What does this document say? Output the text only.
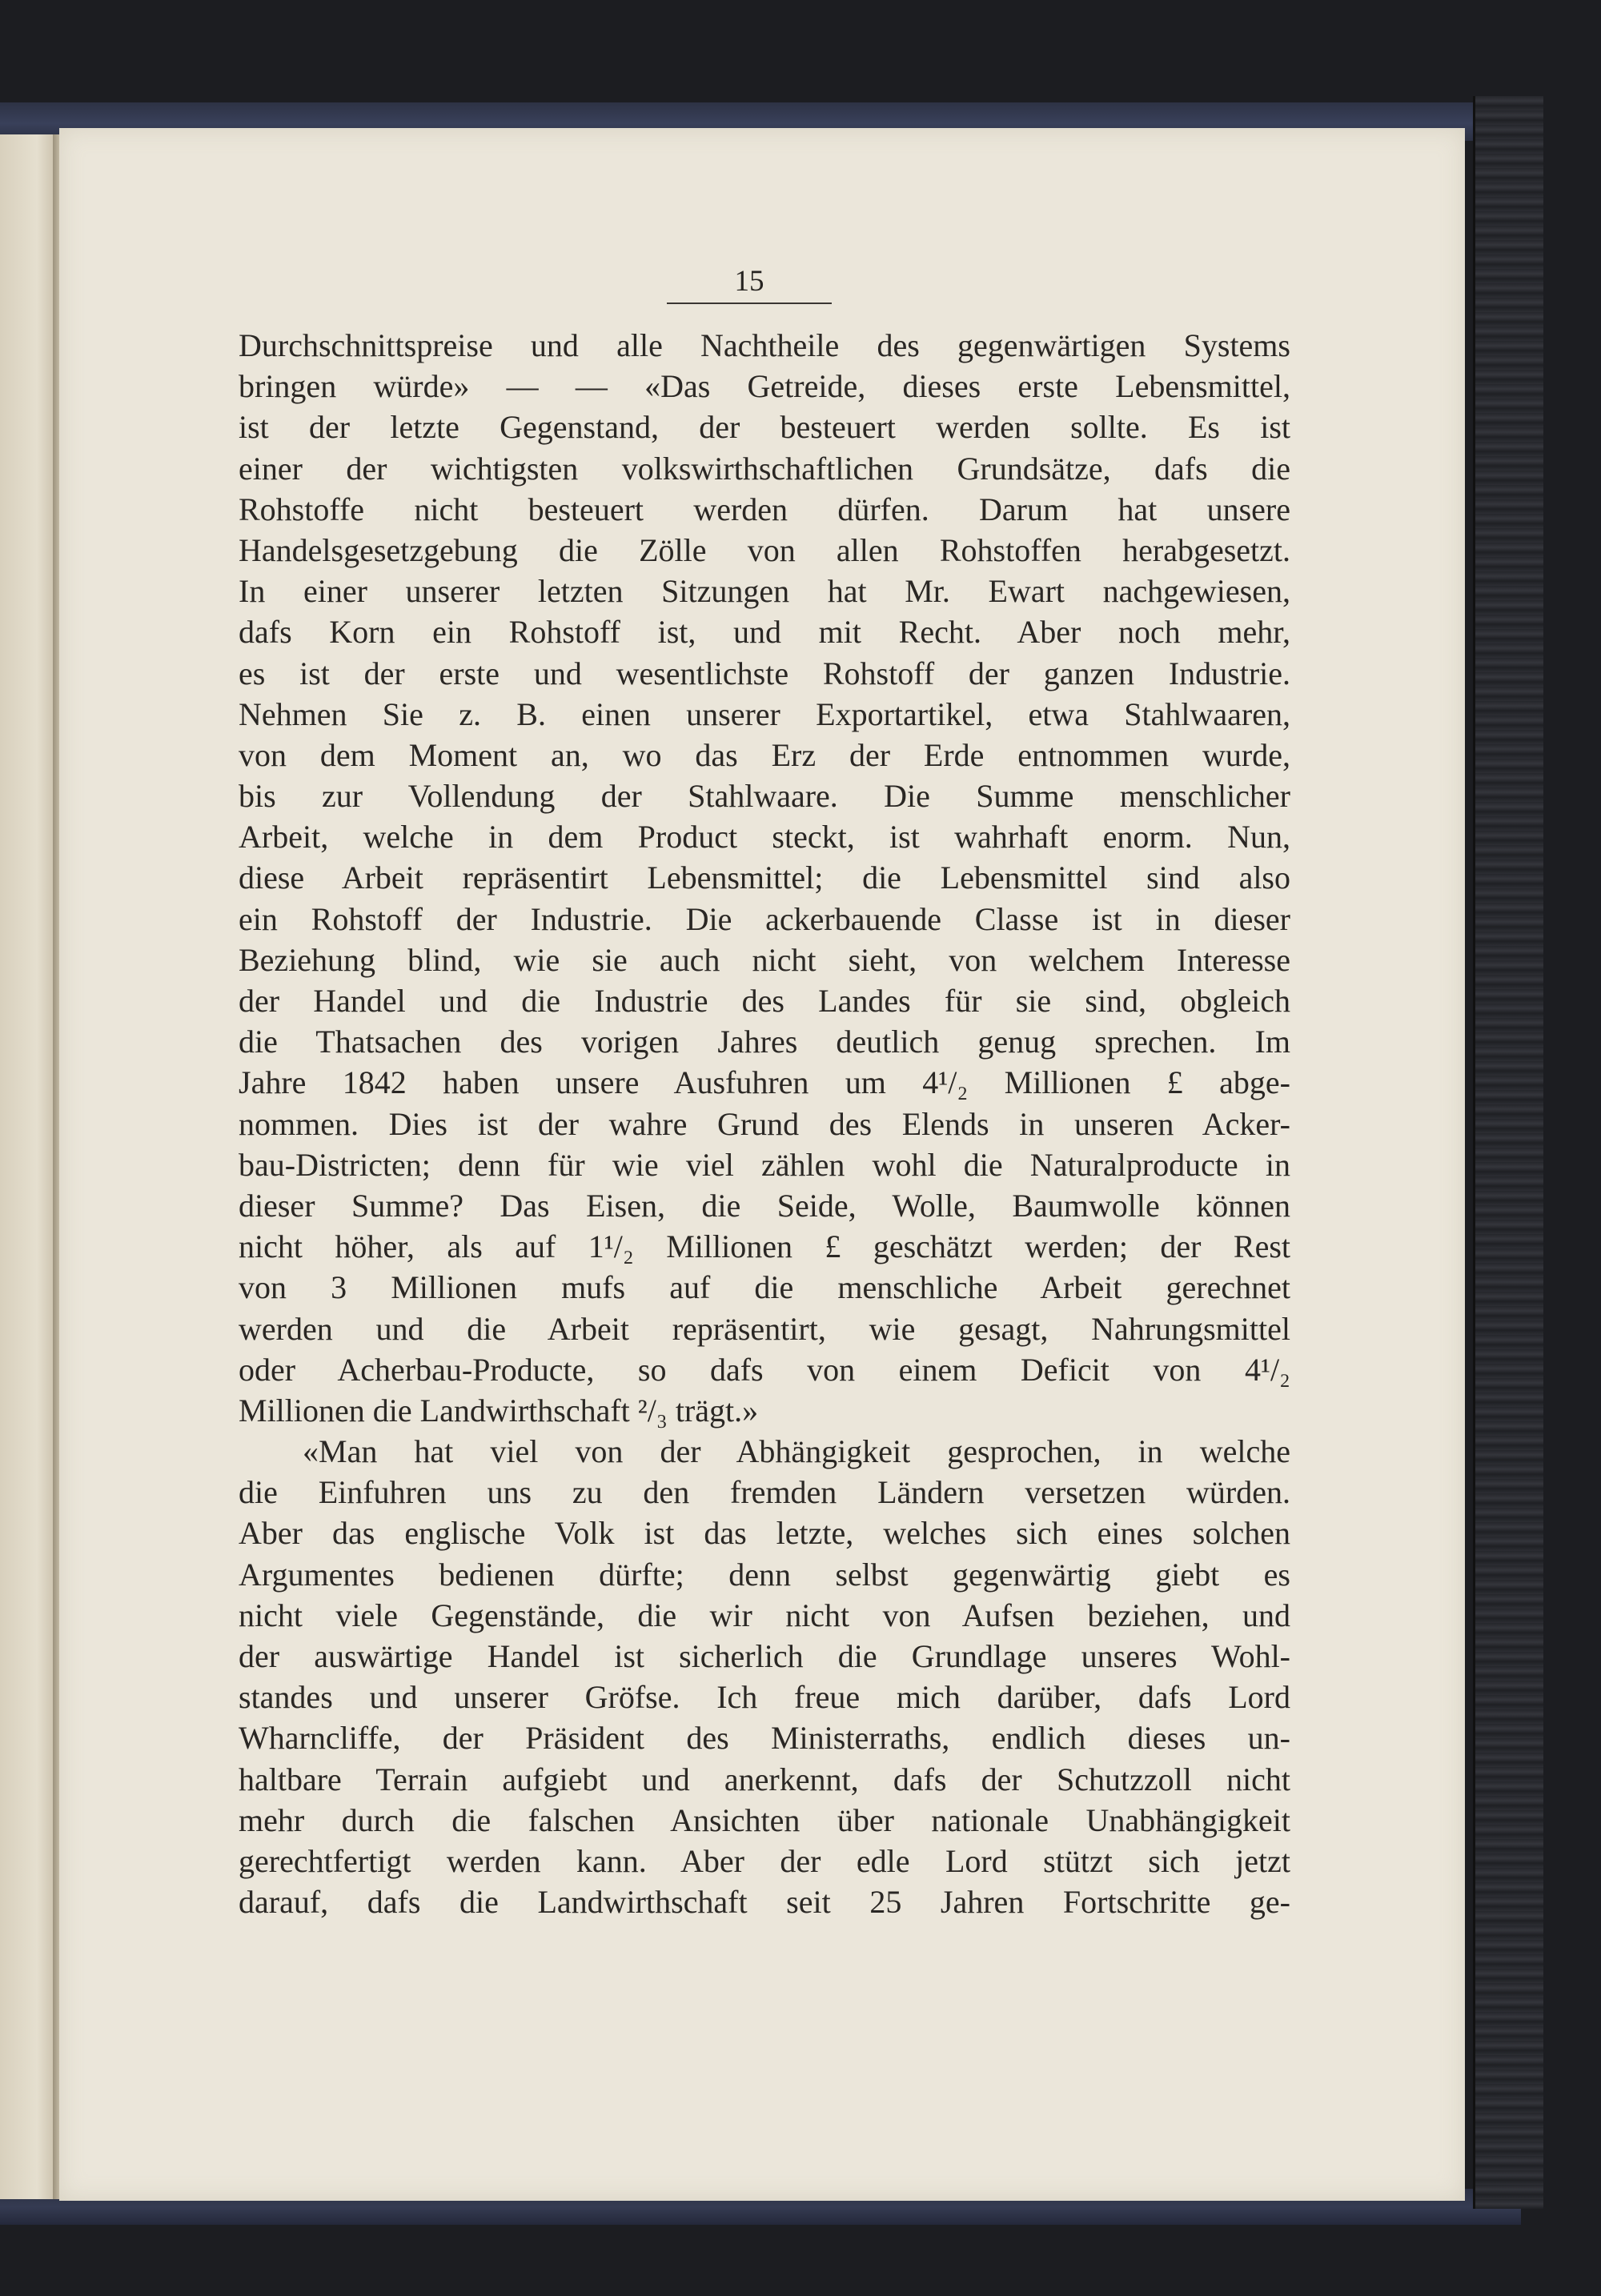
15
Durchschnittspreise und alle Nachtheile des gegenwärtigen Systems
bringen würde» — — «Das Getreide, dieses erste Lebensmittel,
ist der letzte Gegenstand, der besteuert werden sollte. Es ist
einer der wichtigsten volkswirthschaftlichen Grundsätze, dafs die
Rohstoffe nicht besteuert werden dürfen. Darum hat unsere
Handelsgesetzgebung die Zölle von allen Rohstoffen herabgesetzt.
In einer unserer letzten Sitzungen hat Mr. Ewart nachgewiesen,
dafs Korn ein Rohstoff ist, und mit Recht. Aber noch mehr,
es ist der erste und wesentlichste Rohstoff der ganzen Industrie.
Nehmen Sie z. B. einen unserer Exportartikel, etwa Stahlwaaren,
von dem Moment an, wo das Erz der Erde entnommen wurde,
bis zur Vollendung der Stahlwaare. Die Summe menschlicher
Arbeit, welche in dem Product steckt, ist wahrhaft enorm. Nun,
diese Arbeit repräsentirt Lebensmittel; die Lebensmittel sind also
ein Rohstoff der Industrie. Die ackerbauende Classe ist in dieser
Beziehung blind, wie sie auch nicht sieht, von welchem Interesse
der Handel und die Industrie des Landes für sie sind, obgleich
die Thatsachen des vorigen Jahres deutlich genug sprechen. Im
Jahre 1842 haben unsere Ausfuhren um 4¹/₂ Millionen £ abge-
nommen. Dies ist der wahre Grund des Elends in unseren Acker-
bau-Districten; denn für wie viel zählen wohl die Naturalproducte in
dieser Summe? Das Eisen, die Seide, Wolle, Baumwolle können
nicht höher, als auf 1¹/₂ Millionen £ geschätzt werden; der Rest
von 3 Millionen mufs auf die menschliche Arbeit gerechnet
werden und die Arbeit repräsentirt, wie gesagt, Nahrungsmittel
oder Acherbau-Producte, so dafs von einem Deficit von 4¹/₂
Millionen die Landwirthschaft ²/₃ trägt.»
«Man hat viel von der Abhängigkeit gesprochen, in welche
die Einfuhren uns zu den fremden Ländern versetzen würden.
Aber das englische Volk ist das letzte, welches sich eines solchen
Argumentes bedienen dürfte; denn selbst gegenwärtig giebt es
nicht viele Gegenstände, die wir nicht von Aufsen beziehen, und
der auswärtige Handel ist sicherlich die Grundlage unseres Wohl-
standes und unserer Gröfse. Ich freue mich darüber, dafs Lord
Wharncliffe, der Präsident des Ministerraths, endlich dieses un-
haltbare Terrain aufgiebt und anerkennt, dafs der Schutzzoll nicht
mehr durch die falschen Ansichten über nationale Unabhängigkeit
gerechtfertigt werden kann. Aber der edle Lord stützt sich jetzt
darauf, dafs die Landwirthschaft seit 25 Jahren Fortschritte ge-
